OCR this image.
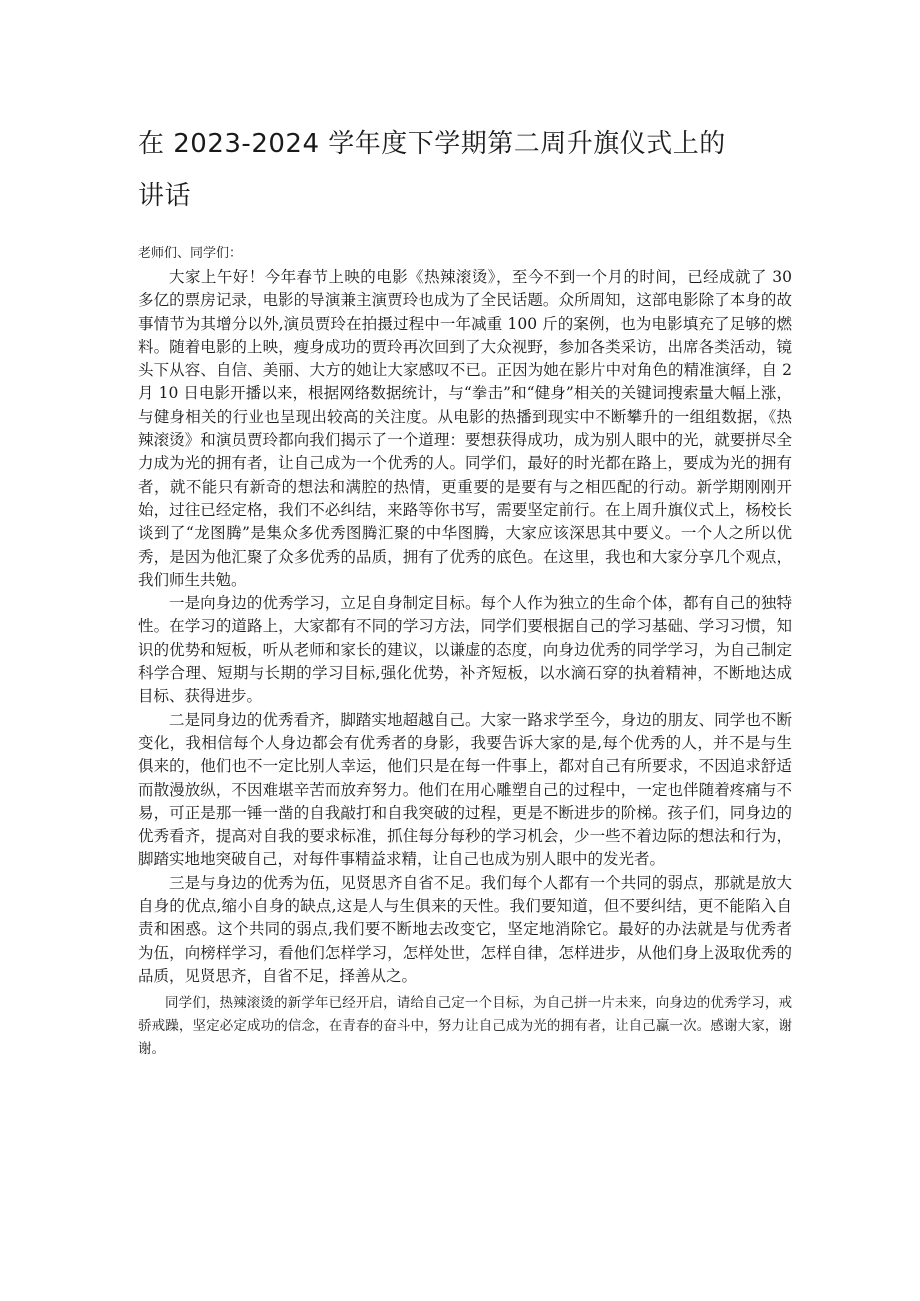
在 2023-2024 学年度下学期第二周升旗仪式上的讲话
老师们、同学们：

大家上午好！今年春节上映的电影《热辣滚烫》，至今不到一个月的时间，已经成就了 30 多亿的票房记录，电影的导演兼主演贾玲也成为了全民话题。众所周知，这部电影除了本身的故事情节为其增分以外,演员贾玲在拍摄过程中一年减重 100 斤的案例，也为电影填充了足够的燃料。随着电影的上映，瘦身成功的贾玲再次回到了大众视野，参加各类采访，出席各类活动，镜头下从容、自信、美丽、大方的她让大家感叹不已。正因为她在影片中对角色的精准演绎，自 2 月 10 日电影开播以来，根据网络数据统计，与“拳击”和“健身”相关的关键词搜索量大幅上涨，与健身相关的行业也呈现出较高的关注度。从电影的热播到现实中不断攀升的一组组数据，《热辣滚烫》和演员贾玲都向我们揭示了一个道理：要想获得成功，成为别人眼中的光，就要拼尽全力成为光的拥有者，让自己成为一个优秀的人。同学们，最好的时光都在路上，要成为光的拥有者，就不能只有新奇的想法和满腔的热情，更重要的是要有与之相匹配的行动。新学期刚刚开始，过往已经定格，我们不必纠结，来路等你书写，需要坚定前行。在上周升旗仪式上，杨校长谈到了“龙图腾”是集众多优秀图腾汇聚的中华图腾，大家应该深思其中要义。一个人之所以优秀，是因为他汇聚了众多优秀的品质，拥有了优秀的底色。在这里，我也和大家分享几个观点，我们师生共勉。

一是向身边的优秀学习，立足自身制定目标。每个人作为独立的生命个体，都有自己的独特性。在学习的道路上，大家都有不同的学习方法，同学们要根据自己的学习基础、学习习惯，知识的优势和短板，听从老师和家长的建议，以谦虚的态度，向身边优秀的同学学习，为自己制定科学合理、短期与长期的学习目标,强化优势，补齐短板，以水滴石穿的执着精神，不断地达成目标、获得进步。

二是同身边的优秀看齐，脚踏实地超越自己。大家一路求学至今，身边的朋友、同学也不断变化，我相信每个人身边都会有优秀者的身影，我要告诉大家的是,每个优秀的人，并不是与生俱来的，他们也不一定比别人幸运，他们只是在每一件事上，都对自己有所要求，不因追求舒适而散漫放纵，不因难堪辛苦而放弃努力。他们在用心雕塑自己的过程中，一定也伴随着疼痛与不易，可正是那一锤一凿的自我敲打和自我突破的过程，更是不断进步的阶梯。孩子们，同身边的优秀看齐，提高对自我的要求标准，抓住每分每秒的学习机会，少一些不着边际的想法和行为，脚踏实地地突破自己，对每件事精益求精，让自己也成为别人眼中的发光者。

三是与身边的优秀为伍，见贤思齐自省不足。我们每个人都有一个共同的弱点，那就是放大自身的优点,缩小自身的缺点,这是人与生俱来的天性。我们要知道，但不要纠结，更不能陷入自责和困惑。这个共同的弱点,我们要不断地去改变它，坚定地消除它。最好的办法就是与优秀者为伍，向榜样学习，看他们怎样学习，怎样处世，怎样自律，怎样进步，从他们身上汲取优秀的品质，见贤思齐，自省不足，择善从之。

同学们，热辣滚烫的新学年已经开启，请给自己定一个目标，为自己拼一片未来，向身边的优秀学习，戒骄戒躁，坚定必定成功的信念，在青春的奋斗中，努力让自己成为光的拥有者，让自己赢一次。感谢大家，谢谢。
